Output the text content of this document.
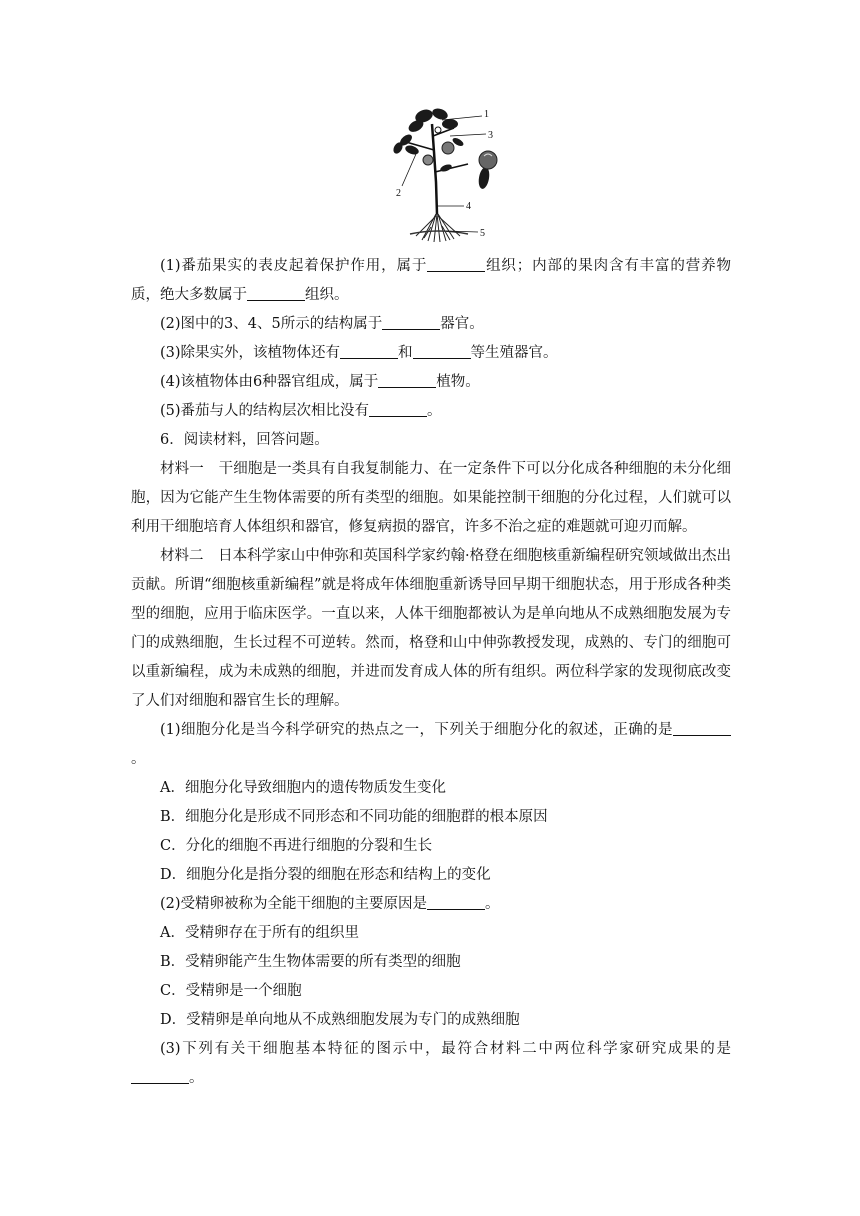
1
2
3
4
5

(1)番茄果实的表皮起着保护作用，属于	组织；内部的果肉含有丰富的营养物质，绝大多数属于	组织。

(2)图中的3、4、5所示的结构属于	器官。

(3)除果实外，该植物体还有	和	等生殖器官。

(4)该植物体由6种器官组成，属于	植物。

(5)番茄与人的结构层次相比没有	。

6．阅读材料，回答问题。

材料一 干细胞是一类具有自我复制能力、在一定条件下可以分化成各种细胞的未分化细胞，因为它能产生生物体需要的所有类型的细胞。如果能控制干细胞的分化过程，人们就可以利用干细胞培育人体组织和器官，修复病损的器官，许多不治之症的难题就可迎刃而解。

材料二 日本科学家山中伸弥和英国科学家约翰·格登在细胞核重新编程研究领域做出杰出贡献。所谓“细胞核重新编程”就是将成年体细胞重新诱导回早期干细胞状态，用于形成各种类型的细胞，应用于临床医学。一直以来，人体干细胞都被认为是单向地从不成熟细胞发展为专门的成熟细胞，生长过程不可逆转。然而，格登和山中伸弥教授发现，成熟的、专门的细胞可以重新编程，成为未成熟的细胞，并进而发育成人体的所有组织。两位科学家的发现彻底改变了人们对细胞和器官生长的理解。

(1)细胞分化是当今科学研究的热点之一，下列关于细胞分化的叙述，正确的是。

A．细胞分化导致细胞内的遗传物质发生变化

B．细胞分化是形成不同形态和不同功能的细胞群的根本原因

C．分化的细胞不再进行细胞的分裂和生长

D．细胞分化是指分裂的细胞在形态和结构上的变化

(2)受精卵被称为全能干细胞的主要原因是	。

A．受精卵存在于所有的组织里

B．受精卵能产生生物体需要的所有类型的细胞

C．受精卵是一个细胞

D．受精卵是单向地从不成熟细胞发展为专门的成熟细胞

(3)下列有关干细胞基本特征的图示中，最符合材料二中两位科学家研究成果的是。
